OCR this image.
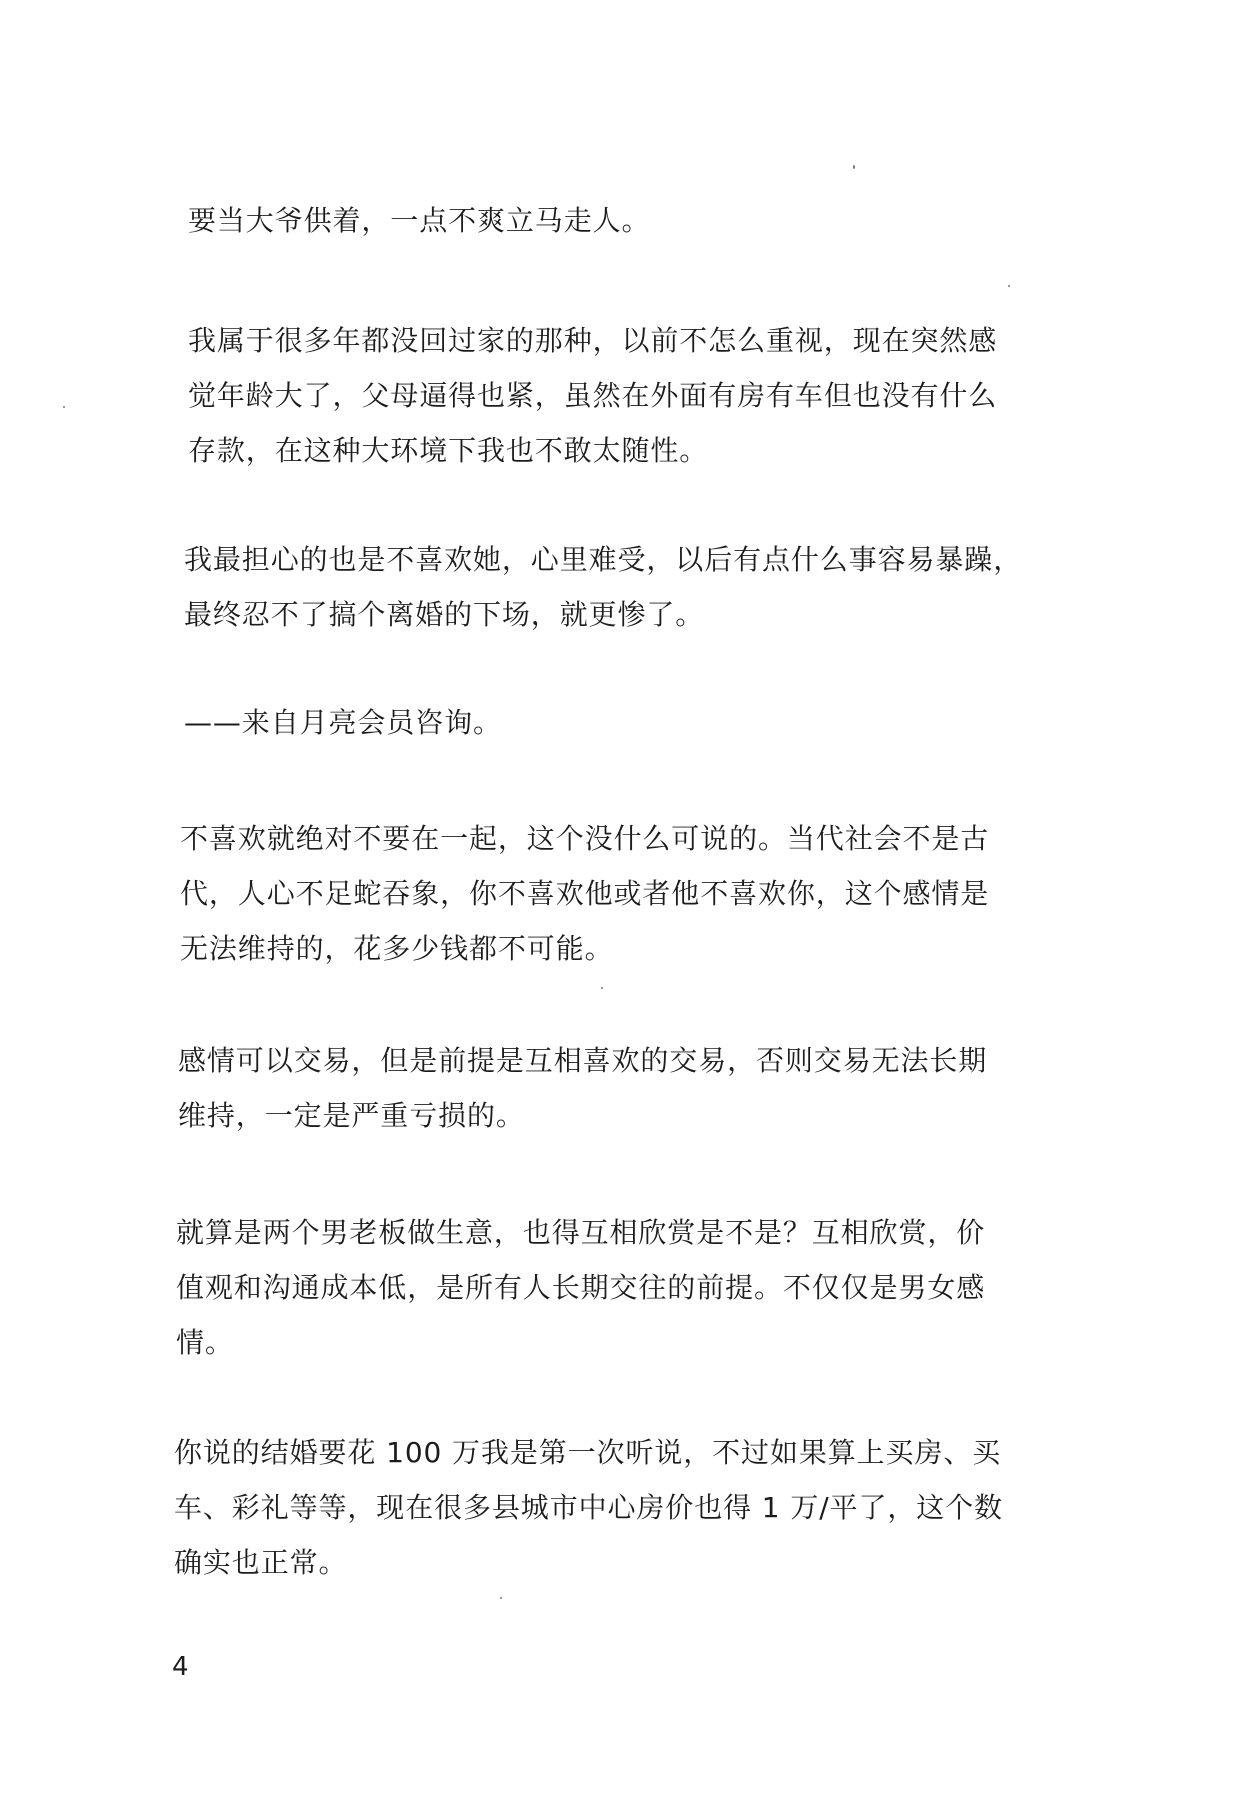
要当大爷供着，一点不爽立马走人。

我属于很多年都没回过家的那种，以前不怎么重视，现在突然感
觉年龄大了，父母逼得也紧，虽然在外面有房有车但也没有什么
存款，在这种大环境下我也不敢太随性。

我最担心的也是不喜欢她，心里难受，以后有点什么事容易暴躁，
最终忍不了搞个离婚的下场，就更惨了。

——来自月亮会员咨询。

不喜欢就绝对不要在一起，这个没什么可说的。当代社会不是古
代，人心不足蛇吞象，你不喜欢他或者他不喜欢你，这个感情是
无法维持的，花多少钱都不可能。

感情可以交易，但是前提是互相喜欢的交易，否则交易无法长期
维持，一定是严重亏损的。

就算是两个男老板做生意，也得互相欣赏是不是？互相欣赏，价
值观和沟通成本低，是所有人长期交往的前提。不仅仅是男女感
情。

你说的结婚要花 100 万我是第一次听说，不过如果算上买房、买
车、彩礼等等，现在很多县城市中心房价也得 1 万/平了，这个数
确实也正常。

4
